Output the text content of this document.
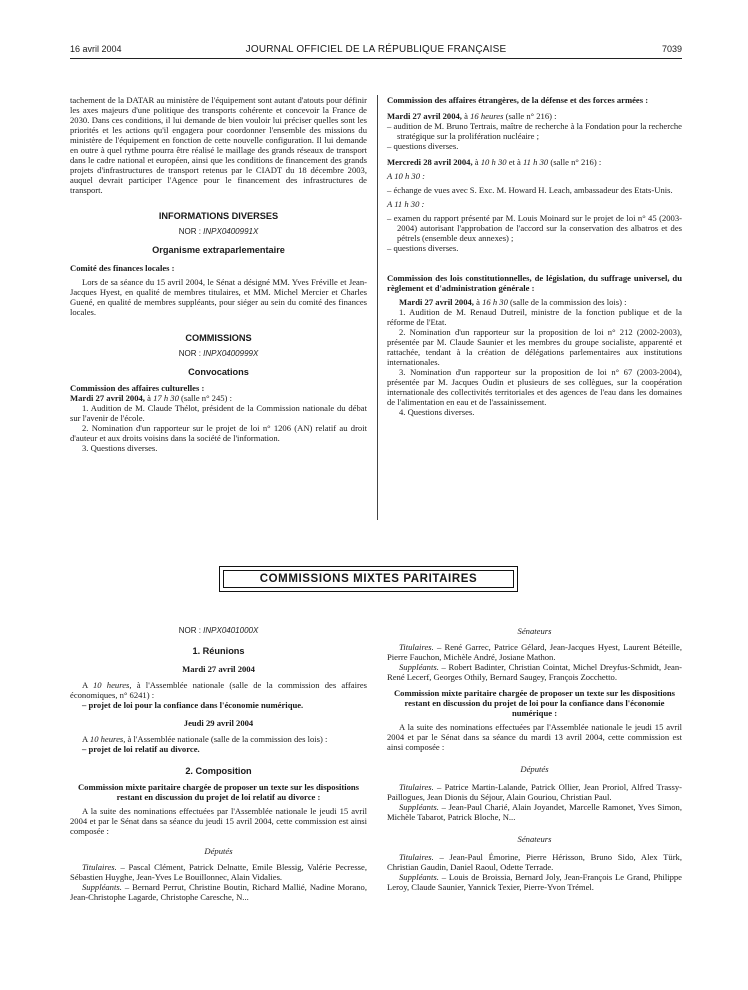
16 avril 2004	JOURNAL OFFICIEL DE LA RÉPUBLIQUE FRANÇAISE	7039

tachement de la DATAR au ministère de l'équipement sont autant d'atouts pour définir les axes majeurs d'une politique des transports cohérente et concevoir la France de 2030. Dans ces conditions, il lui demande de bien vouloir lui préciser quelles sont les priorités et les actions qu'il engagera pour coordonner l'ensemble des missions du ministère de l'équipement en fonction de cette nouvelle configuration. Il lui demande en outre à quel rythme pourra être réalisé le maillage des grands réseaux de transport dans le cadre national et européen, ainsi que les conditions de financement des grands projets d'infrastructures de transport retenus par le CIADT du 18 décembre 2003, auquel devrait participer l'Agence pour le financement des infrastructures de transport.

INFORMATIONS DIVERSES

NOR : INPX0400991X

Organisme extraparlementaire

Comité des finances locales :

Lors de sa séance du 15 avril 2004, le Sénat a désigné MM. Yves Fréville et Jean-Jacques Hyest, en qualité de membres titulaires, et MM. Michel Mercier et Charles Guené, en qualité de membres suppléants, pour siéger au sein du comité des finances locales.

COMMISSIONS

NOR : INPX0400999X

Convocations

Commission des affaires culturelles :

Mardi 27 avril 2004, à 17 h 30 (salle n° 245) :

1. Audition de M. Claude Thélot, président de la Commission nationale du débat sur l'avenir de l'école.

2. Nomination d'un rapporteur sur le projet de loi n° 1206 (AN) relatif au droit d'auteur et aux droits voisins dans la société de l'information.

3. Questions diverses.

Commission des affaires étrangères, de la défense et des forces armées :

Mardi 27 avril 2004, à 16 heures (salle n° 216) :

– audition de M. Bruno Tertrais, maître de recherche à la Fondation pour la recherche stratégique sur la prolifération nucléaire ;

– questions diverses.

Mercredi 28 avril 2004, à 10 h 30 et à 11 h 30 (salle n° 216) :

A 10 h 30 :

– échange de vues avec S. Exc. M. Howard H. Leach, ambassadeur des Etats-Unis.

A 11 h 30 :

– examen du rapport présenté par M. Louis Moinard sur le projet de loi n° 45 (2003-2004) autorisant l'approbation de l'accord sur la conservation des albatros et des pétrels (ensemble deux annexes) ;

– questions diverses.

Commission des lois constitutionnelles, de législation, du suffrage universel, du règlement et d'administration générale :

Mardi 27 avril 2004, à 16 h 30 (salle de la commission des lois) :

1. Audition de M. Renaud Dutreil, ministre de la fonction publique et de la réforme de l'Etat.

2. Nomination d'un rapporteur sur la proposition de loi n° 212 (2002-2003), présentée par M. Claude Saunier et les membres du groupe socialiste, apparenté et rattachée, tendant à la création de délégations parlementaires aux institutions internationales.

3. Nomination d'un rapporteur sur la proposition de loi n° 67 (2003-2004), présentée par M. Jacques Oudin et plusieurs de ses collègues, sur la coopération internationale des collectivités territoriales et des agences de l'eau dans les domaines de l'alimentation en eau et de l'assainissement.

4. Questions diverses.

COMMISSIONS MIXTES PARITAIRES

NOR : INPX0401000X

1. Réunions

Mardi 27 avril 2004

A 10 heures, à l'Assemblée nationale (salle de la commission des affaires économiques, n° 6241) :

– projet de loi pour la confiance dans l'économie numérique.

Jeudi 29 avril 2004

A 10 heures, à l'Assemblée nationale (salle de la commission des lois) :

– projet de loi relatif au divorce.

2. Composition

Commission mixte paritaire chargée de proposer un texte sur les dispositions restant en discussion du projet de loi relatif au divorce :

A la suite des nominations effectuées par l'Assemblée nationale le jeudi 15 avril 2004 et par le Sénat dans sa séance du jeudi 15 avril 2004, cette commission est ainsi composée :

Députés

Titulaires. – Pascal Clément, Patrick Delnatte, Emile Blessig, Valérie Pecresse, Sébastien Huyghe, Jean-Yves Le Bouillonnec, Alain Vidalies.

Suppléants. – Bernard Perrut, Christine Boutin, Richard Mallié, Nadine Morano, Jean-Christophe Lagarde, Christophe Caresche, N...

Sénateurs

Titulaires. – René Garrec, Patrice Gélard, Jean-Jacques Hyest, Laurent Béteille, Pierre Fauchon, Michèle André, Josiane Mathon.

Suppléants. – Robert Badinter, Christian Cointat, Michel Dreyfus-Schmidt, Jean-René Lecerf, Georges Othily, Bernard Saugey, François Zocchetto.

Commission mixte paritaire chargée de proposer un texte sur les dispositions restant en discussion du projet de loi pour la confiance dans l'économie numérique :

A la suite des nominations effectuées par l'Assemblée nationale le jeudi 15 avril 2004 et par le Sénat dans sa séance du mardi 13 avril 2004, cette commission est ainsi composée :

Députés

Titulaires. – Patrice Martin-Lalande, Patrick Ollier, Jean Proriol, Alfred Trassy-Paillogues, Jean Dionis du Séjour, Alain Gouriou, Christian Paul.

Suppléants. – Jean-Paul Charié, Alain Joyandet, Marcelle Ramonet, Yves Simon, Michèle Tabarot, Patrick Bloche, N...

Sénateurs

Titulaires. – Jean-Paul Émorine, Pierre Hérisson, Bruno Sido, Alex Türk, Christian Gaudin, Daniel Raoul, Odette Terrade.

Suppléants. – Louis de Broissia, Bernard Joly, Jean-François Le Grand, Philippe Leroy, Claude Saunier, Yannick Texier, Pierre-Yvon Trémel.
